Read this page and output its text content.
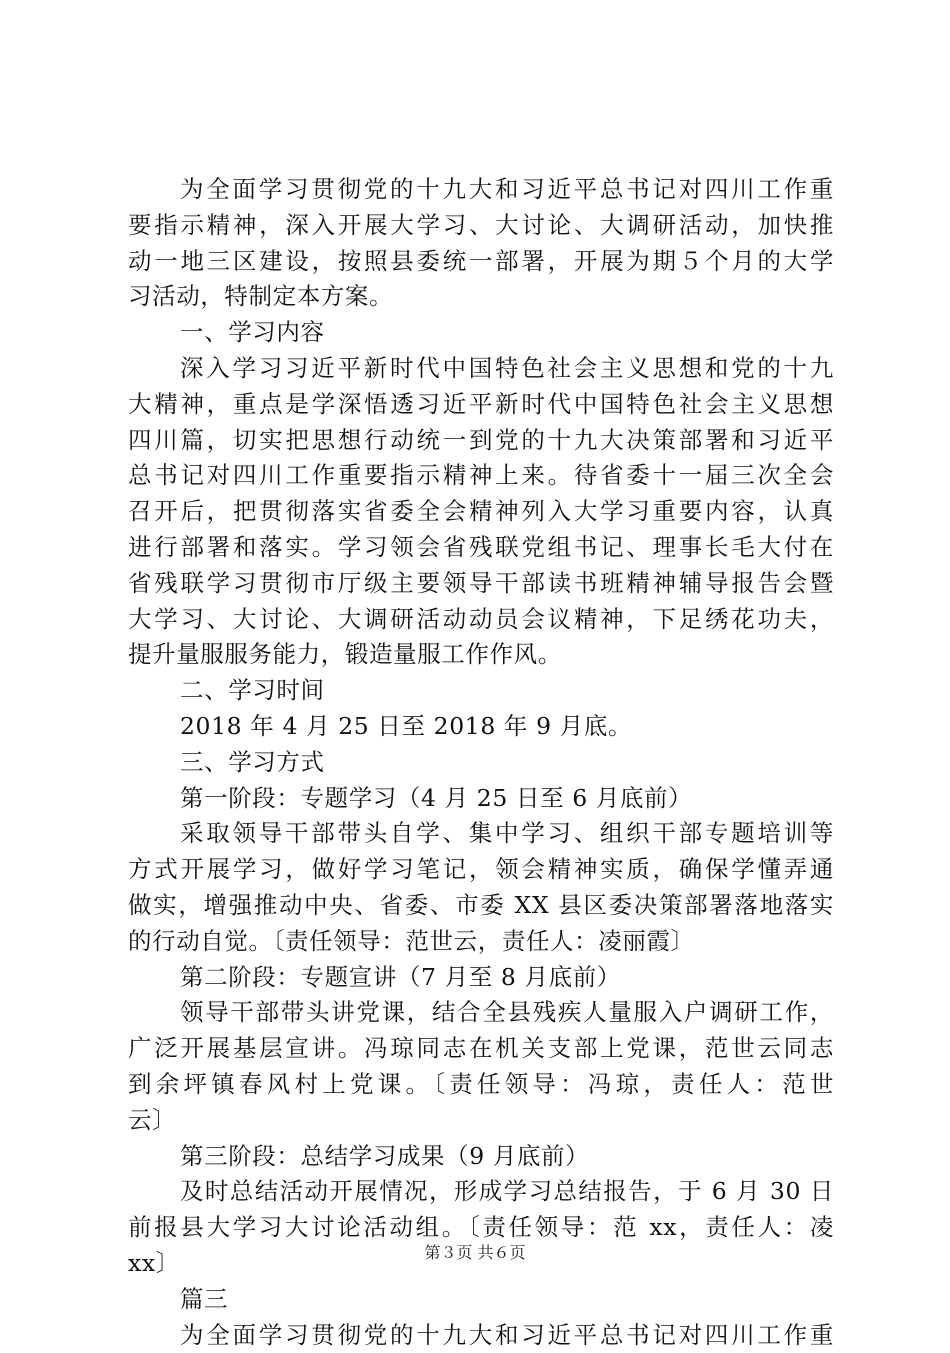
为全面学习贯彻党的十九大和习近平总书记对四川工作重
要指示精神，深入开展大学习、大讨论、大调研活动，加快推
动一地三区建设，按照县委统一部署，开展为期５个月的大学
习活动，特制定本方案。
一、学习内容
深入学习习近平新时代中国特色社会主义思想和党的十九
大精神，重点是学深悟透习近平新时代中国特色社会主义思想
四川篇，切实把思想行动统一到党的十九大决策部署和习近平
总书记对四川工作重要指示精神上来。待省委十一届三次全会
召开后，把贯彻落实省委全会精神列入大学习重要内容，认真
进行部署和落实。学习领会省残联党组书记、理事长毛大付在
省残联学习贯彻市厅级主要领导干部读书班精神辅导报告会暨
大学习、大讨论、大调研活动动员会议精神，下足绣花功夫，
提升量服服务能力，锻造量服工作作风。
二、学习时间
2018 年 4 月 25 日至 2018 年 9 月底。
三、学习方式
第一阶段：专题学习（4 月 25 日至 6 月底前）
采取领导干部带头自学、集中学习、组织干部专题培训等
方式开展学习，做好学习笔记，领会精神实质，确保学懂弄通
做实，增强推动中央、省委、市委 XX 县区委决策部署落地落实
的行动自觉。〔责任领导：范世云，责任人：凌丽霞〕
第二阶段：专题宣讲（7 月至 8 月底前）
领导干部带头讲党课，结合全县残疾人量服入户调研工作，
广泛开展基层宣讲。冯琼同志在机关支部上党课，范世云同志
到余坪镇春风村上党课。〔责任领导：冯琼，责任人：范世
云〕
第三阶段：总结学习成果（9 月底前）
及时总结活动开展情况，形成学习总结报告，于 6 月 30 日
前报县大学习大讨论活动组。〔责任领导：范 xx，责任人：凌
xx〕
篇三
为全面学习贯彻党的十九大和习近平总书记对四川工作重
第３页 共６页
